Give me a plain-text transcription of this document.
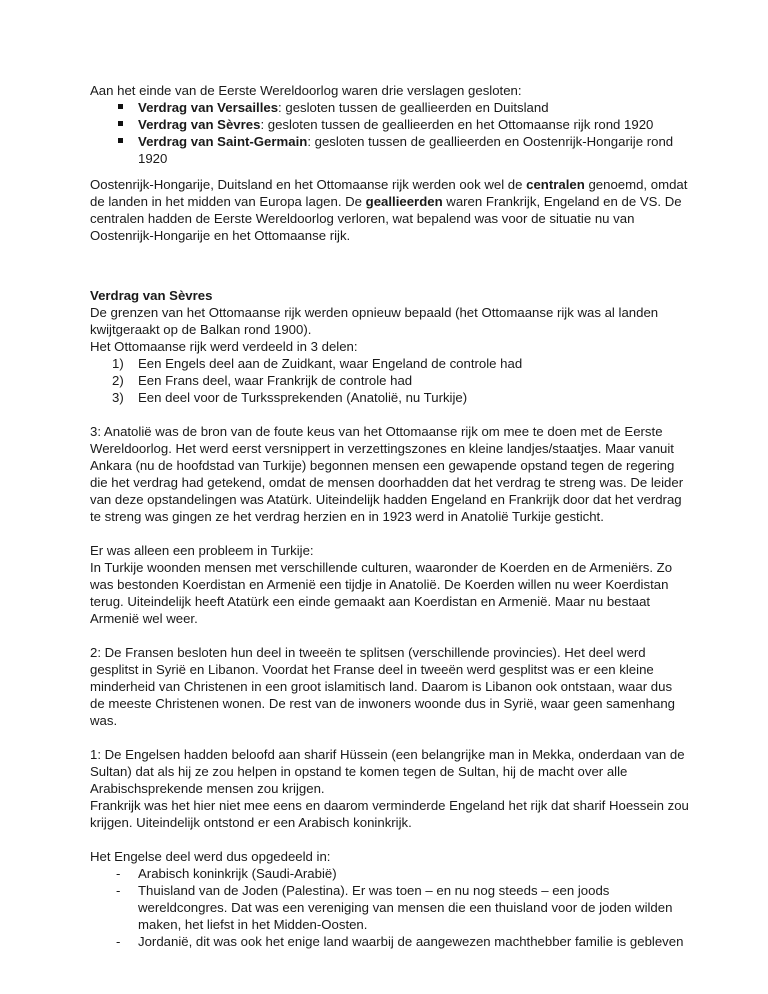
Aan het einde van de Eerste Wereldoorlog waren drie verslagen gesloten:

Verdrag van Versailles: gesloten tussen de geallieerden en Duitsland
Verdrag van Sèvres: gesloten tussen de geallieerden en het Ottomaanse rijk rond 1920
Verdrag van Saint-Germain: gesloten tussen de geallieerden en Oostenrijk-Hongarije rond 1920

Oostenrijk-Hongarije, Duitsland en het Ottomaanse rijk werden ook wel de centralen genoemd, omdat de landen in het midden van Europa lagen. De geallieerden waren Frankrijk, Engeland en de VS. De centralen hadden de Eerste Wereldoorlog verloren, wat bepalend was voor de situatie nu van Oostenrijk-Hongarije en het Ottomaanse rijk.

Verdrag van Sèvres

De grenzen van het Ottomaanse rijk werden opnieuw bepaald (het Ottomaanse rijk was al landen kwijtgeraakt op de Balkan rond 1900).

Het Ottomaanse rijk werd verdeeld in 3 delen:

1) Een Engels deel aan de Zuidkant, waar Engeland de controle had
2) Een Frans deel, waar Frankrijk de controle had
3) Een deel voor de Turkssprekenden (Anatolië, nu Turkije)

3: Anatolië was de bron van de foute keus van het Ottomaanse rijk om mee te doen met de Eerste Wereldoorlog. Het werd eerst versnippert in verzettingszones en kleine landjes/staatjes. Maar vanuit Ankara (nu de hoofdstad van Turkije) begonnen mensen een gewapende opstand tegen de regering die het verdrag had getekend, omdat de mensen doorhadden dat het verdrag te streng was. De leider van deze opstandelingen was Atatürk. Uiteindelijk hadden Engeland en Frankrijk door dat het verdrag te streng was gingen ze het verdrag herzien en in 1923 werd in Anatolië Turkije gesticht.

Er was alleen een probleem in Turkije:

In Turkije woonden mensen met verschillende culturen, waaronder de Koerden en de Armeniërs. Zo was bestonden Koerdistan en Armenië een tijdje in Anatolië. De Koerden willen nu weer Koerdistan terug. Uiteindelijk heeft Atatürk een einde gemaakt aan Koerdistan en Armenië. Maar nu bestaat Armenië wel weer.

2: De Fransen besloten hun deel in tweeën te splitsen (verschillende provincies). Het deel werd gesplitst in Syrië en Libanon. Voordat het Franse deel in tweeën werd gesplitst was er een kleine minderheid van Christenen in een groot islamitisch land. Daarom is Libanon ook ontstaan, waar dus de meeste Christenen wonen. De rest van de inwoners woonde dus in Syrië, waar geen samenhang was.

1: De Engelsen hadden beloofd aan sharif Hüssein (een belangrijke man in Mekka, onderdaan van de Sultan) dat als hij ze zou helpen in opstand te komen tegen de Sultan, hij de macht over alle Arabischsprekende mensen zou krijgen.

Frankrijk was het hier niet mee eens en daarom verminderde Engeland het rijk dat sharif Hoessein zou krijgen. Uiteindelijk ontstond er een Arabisch koninkrijk.

Het Engelse deel werd dus opgedeeld in:

- Arabisch koninkrijk (Saudi-Arabië)
- Thuisland van de Joden (Palestina). Er was toen – en nu nog steeds – een joods wereldcongres. Dat was een vereniging van mensen die een thuisland voor de joden wilden maken, het liefst in het Midden-Oosten.
- Jordanië, dit was ook het enige land waarbij de aangewezen machthebber familie is gebleven
